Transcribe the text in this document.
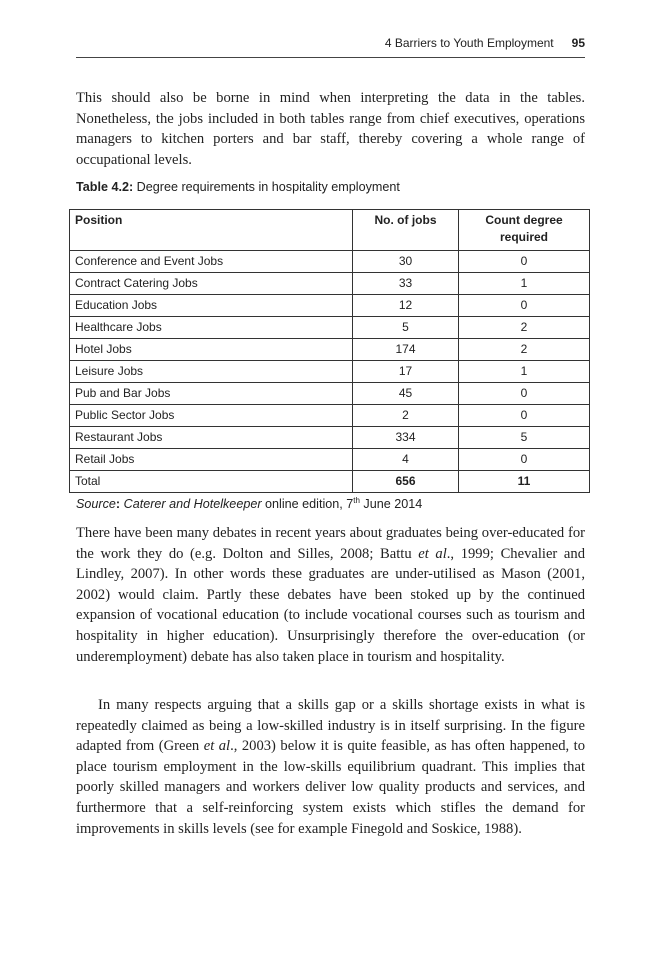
4 Barriers to Youth Employment 95

This should also be borne in mind when interpreting the data in the tables. Nonetheless, the jobs included in both tables range from chief executives, operations managers to kitchen porters and bar staff, thereby covering a whole range of occupational levels.

Table 4.2: Degree requirements in hospitality employment
Position	No. of jobs	Count degree required
Conference and Event Jobs	30	0
Contract Catering Jobs	33	1
Education Jobs	12	0
Healthcare Jobs	5	2
Hotel Jobs	174	2
Leisure Jobs	17	1
Pub and Bar Jobs	45	0
Public Sector Jobs	2	0
Restaurant Jobs	334	5
Retail Jobs	4	0
Total	656	11
Source: Caterer and Hotelkeeper online edition, 7th June 2014

There have been many debates in recent years about graduates being over-educated for the work they do (e.g. Dolton and Silles, 2008; Battu et al., 1999; Chevalier and Lindley, 2007). In other words these graduates are under-utilised as Mason (2001, 2002) would claim. Partly these debates have been stoked up by the continued expansion of vocational education (to include vocational courses such as tourism and hospitality in higher education). Unsurprisingly therefore the over-education (or underemployment) debate has also taken place in tourism and hospitality.

In many respects arguing that a skills gap or a skills shortage exists in what is repeatedly claimed as being a low-skilled industry is in itself surprising. In the figure adapted from (Green et al., 2003) below it is quite feasible, as has often happened, to place tourism employment in the low-skills equilibrium quadrant. This implies that poorly skilled managers and workers deliver low quality products and services, and furthermore that a self-reinforcing system exists which stifles the demand for improvements in skills levels (see for example Finegold and Soskice, 1988).
